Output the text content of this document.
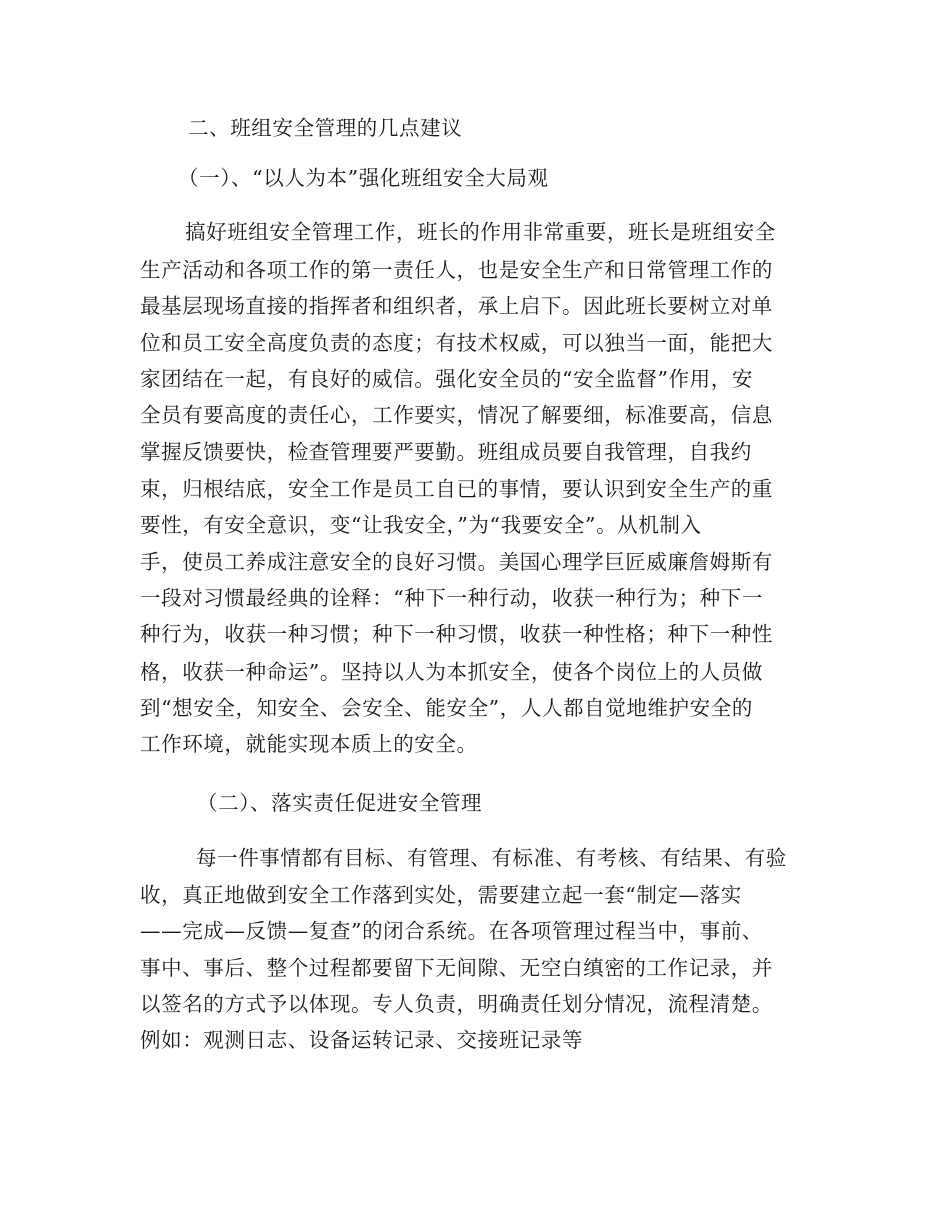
二、班组安全管理的几点建议
（一）、“以人为本”强化班组安全大局观
搞好班组安全管理工作，班长的作用非常重要，班长是班组安全
生产活动和各项工作的第一责任人，也是安全生产和日常管理工作的
最基层现场直接的指挥者和组织者，承上启下。因此班长要树立对单
位和员工安全高度负责的态度；有技术权威，可以独当一面，能把大
家团结在一起，有良好的威信。强化安全员的“安全监督”作用，安
全员有要高度的责任心，工作要实，情况了解要细，标准要高，信息
掌握反馈要快，检查管理要严要勤。班组成员要自我管理，自我约
束，归根结底，安全工作是员工自已的事情，要认识到安全生产的重
要性，有安全意识，变“让我安全，”为“我要安全”。从机制入
手，使员工养成注意安全的良好习惯。美国心理学巨匠威廉詹姆斯有
一段对习惯最经典的诠释：“种下一种行动，收获一种行为；种下一
种行为，收获一种习惯；种下一种习惯，收获一种性格；种下一种性
格，收获一种命运”。坚持以人为本抓安全，使各个岗位上的人员做
到“想安全，知安全、会安全、能安全”，人人都自觉地维护安全的
工作环境，就能实现本质上的安全。
（二）、落实责任促进安全管理
每一件事情都有目标、有管理、有标准、有考核、有结果、有验
收，真正地做到安全工作落到实处，需要建立起一套“制定—落实
——完成—反馈—复查”的闭合系统。在各项管理过程当中，事前、
事中、事后、整个过程都要留下无间隙、无空白缜密的工作记录，并
以签名的方式予以体现。专人负责，明确责任划分情况，流程清楚。
例如：观测日志、设备运转记录、交接班记录等
